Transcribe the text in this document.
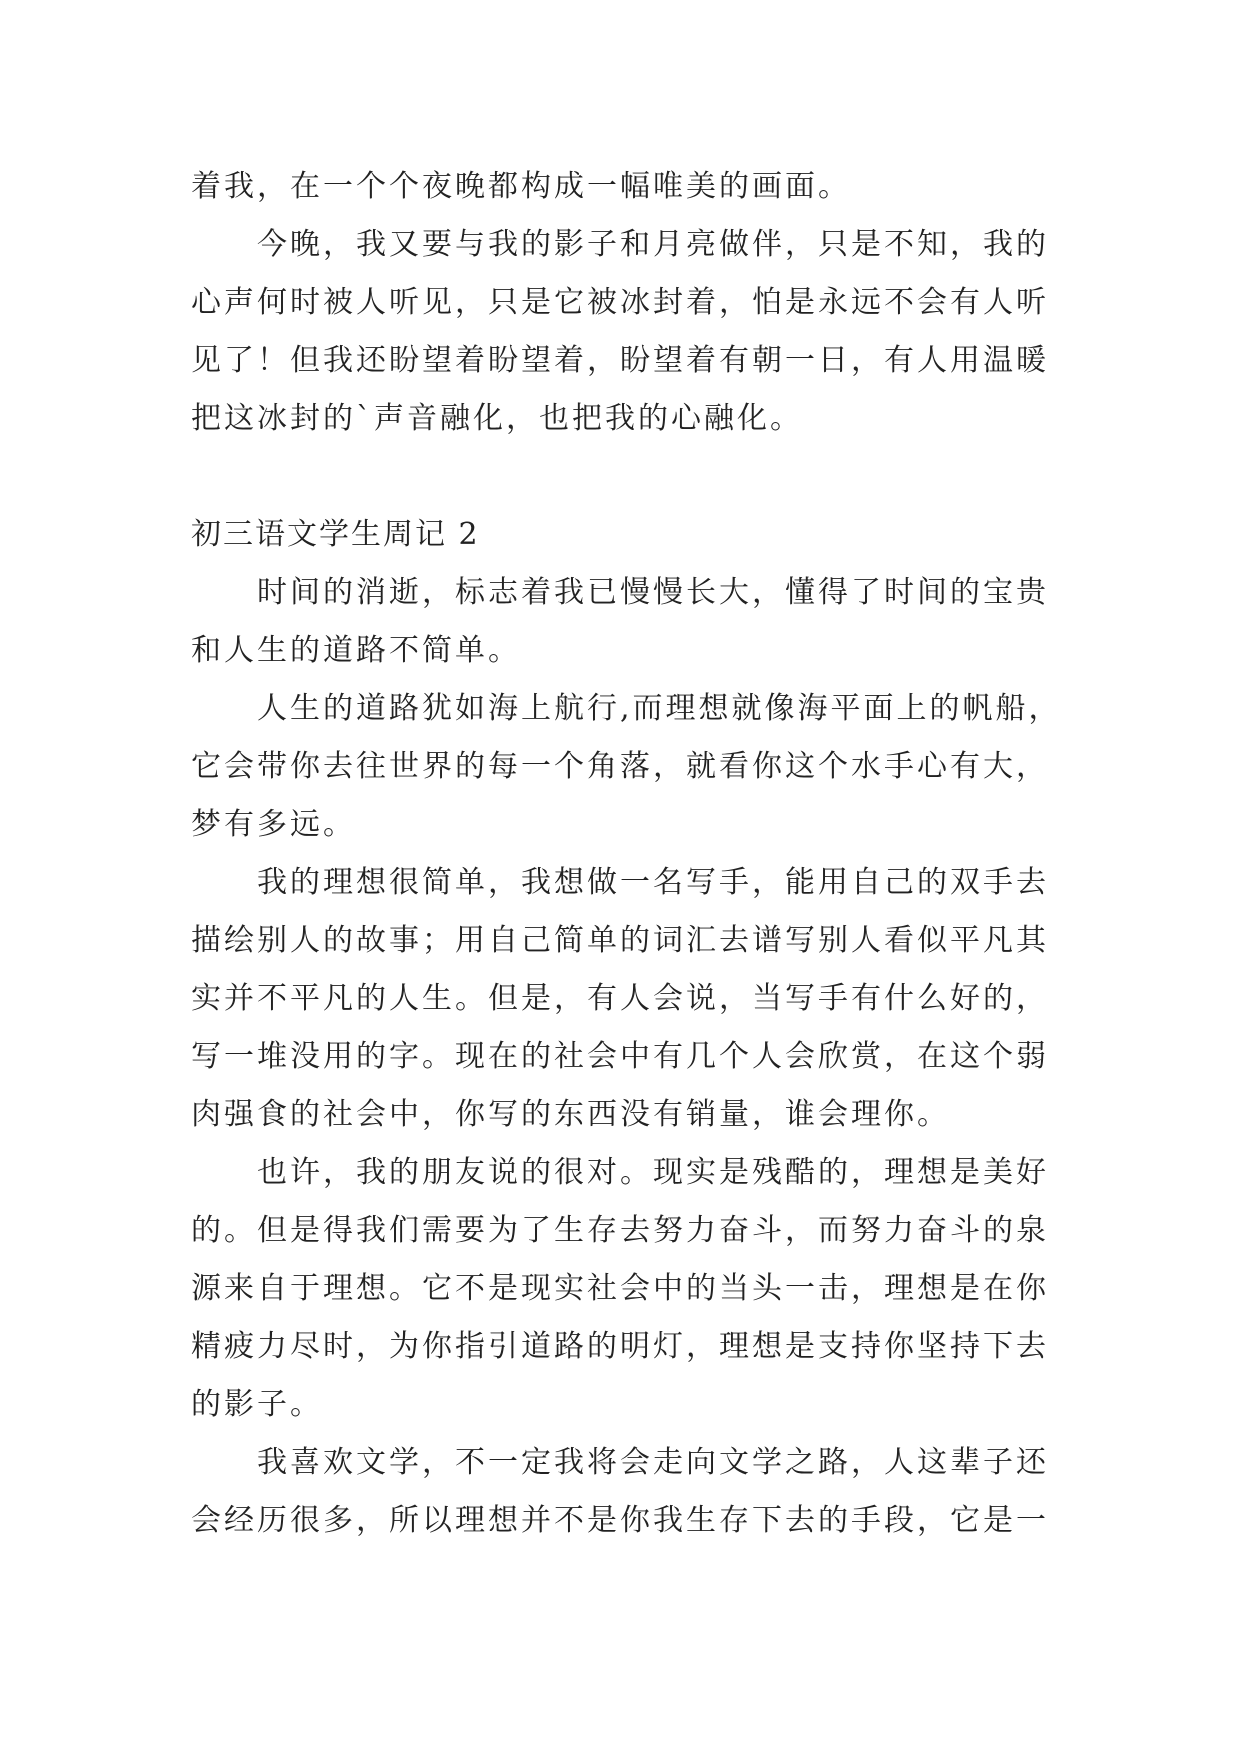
着我，在一个个夜晚都构成一幅唯美的画面。
今晚，我又要与我的影子和月亮做伴，只是不知，我的
心声何时被人听见，只是它被冰封着，怕是永远不会有人听
见了！但我还盼望着盼望着，盼望着有朝一日，有人用温暖
把这冰封的`声音融化，也把我的心融化。
初三语文学生周记 2
时间的消逝，标志着我已慢慢长大，懂得了时间的宝贵
和人生的道路不简单。
人生的道路犹如海上航行,而理想就像海平面上的帆船，
它会带你去往世界的每一个角落，就看你这个水手心有大，
梦有多远。
我的理想很简单，我想做一名写手，能用自己的双手去
描绘别人的故事；用自己简单的词汇去谱写别人看似平凡其
实并不平凡的人生。但是，有人会说，当写手有什么好的，
写一堆没用的字。现在的社会中有几个人会欣赏，在这个弱
肉强食的社会中，你写的东西没有销量，谁会理你。
也许，我的朋友说的很对。现实是残酷的，理想是美好
的。但是得我们需要为了生存去努力奋斗，而努力奋斗的泉
源来自于理想。它不是现实社会中的当头一击，理想是在你
精疲力尽时，为你指引道路的明灯，理想是支持你坚持下去
的影子。
我喜欢文学，不一定我将会走向文学之路，人这辈子还
会经历很多，所以理想并不是你我生存下去的手段，它是一
